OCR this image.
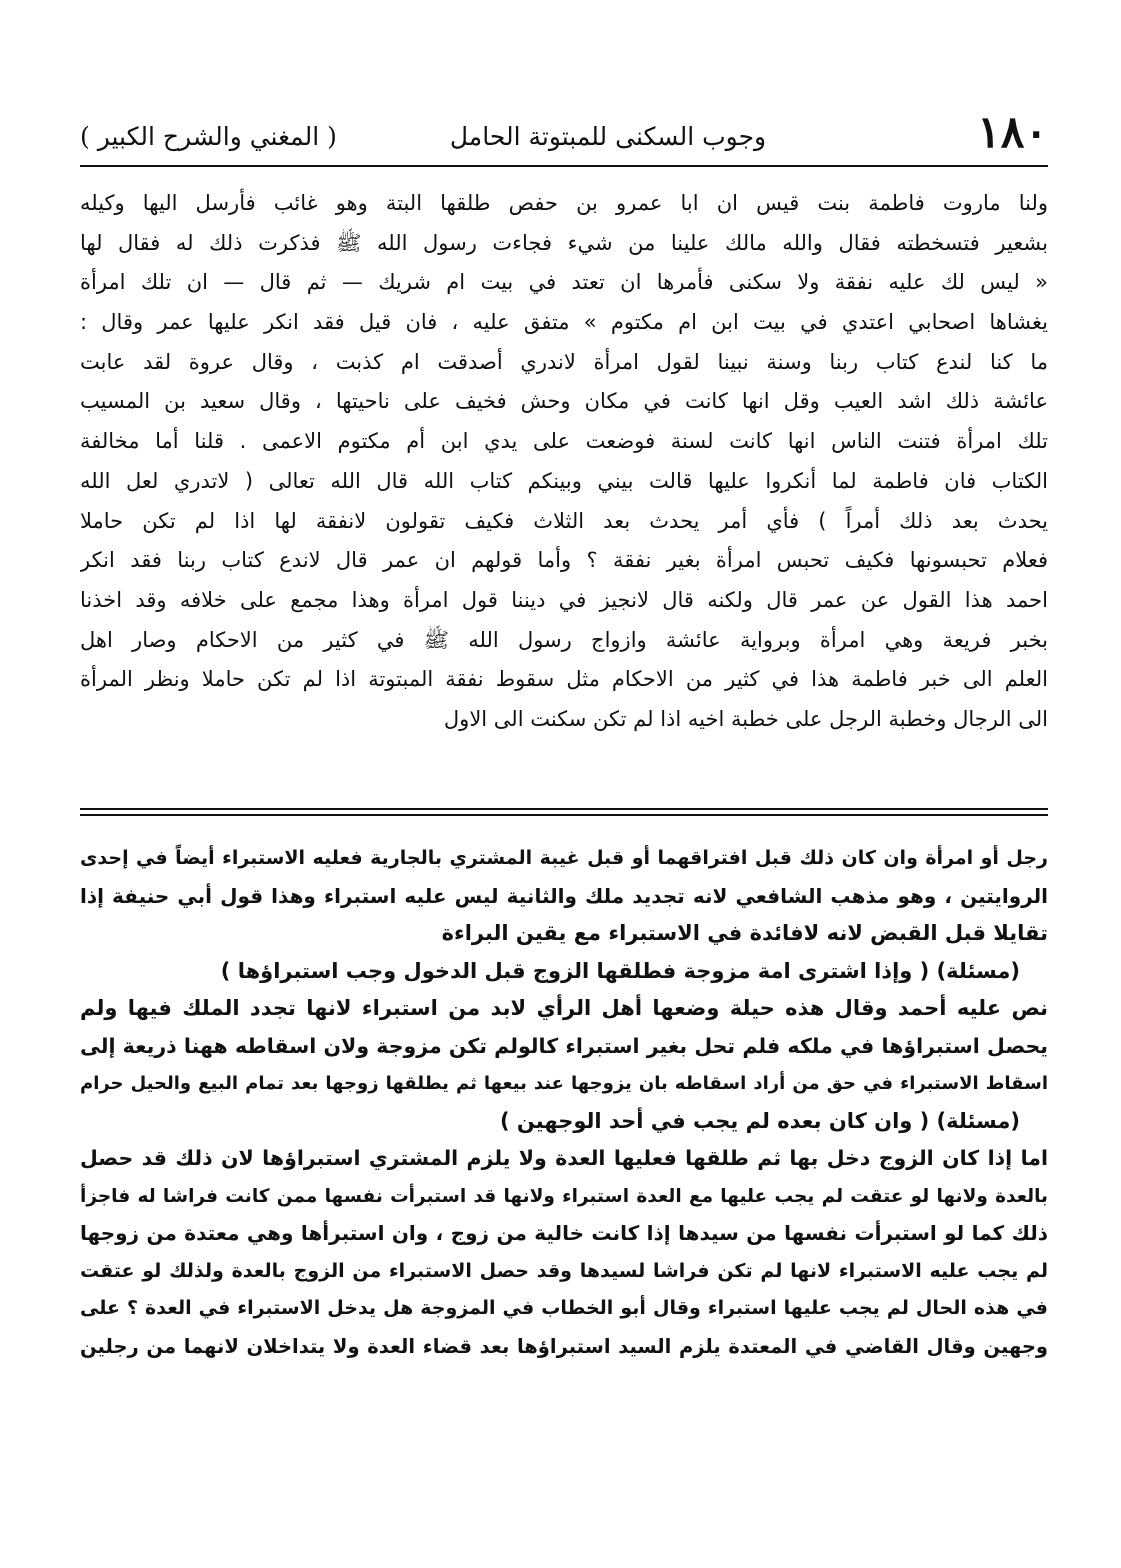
١٨٠
وجوب السكنى للمبتوتة الحامل
( المغني والشرح الكبير )
ولنا ماروت فاطمة بنت قيس ان ابا عمرو بن حفص طلقها البتة وهو غائب فأرسل اليها وكيله
بشعير فتسخطته فقال والله مالك علينا من شيء فجاءت رسول الله ﷺ فذكرت ذلك له فقال لها
« ليس لك عليه نفقة ولا سكنى فأمرها ان تعتد في بيت ام شريك — ثم قال — ان تلك امرأة
يغشاها اصحابي اعتدي في بيت ابن ام مكتوم » متفق عليه ، فان قيل فقد انكر عليها عمر وقال :
ما كنا لندع كتاب ربنا وسنة نبينا لقول امرأة لاندري أصدقت ام كذبت ، وقال عروة لقد عابت
عائشة ذلك اشد العيب وقل انها كانت في مكان وحش فخيف على ناحيتها ، وقال سعيد بن المسيب
تلك امرأة فتنت الناس انها كانت لسنة فوضعت على يدي ابن أم مكتوم الاعمى . قلنا أما مخالفة
الكتاب فان فاطمة لما أنكروا عليها قالت بيني وبينكم كتاب الله قال الله تعالى ( لاتدري لعل الله
يحدث بعد ذلك أمراً ) فأي أمر يحدث بعد الثلاث فكيف تقولون لانفقة لها اذا لم تكن حاملا
فعلام تحبسونها فكيف تحبس امرأة بغير نفقة ؟ وأما قولهم ان عمر قال لاندع كتاب ربنا فقد انكر
احمد هذا القول عن عمر قال ولكنه قال لانجيز في ديننا قول امرأة وهذا مجمع على خلافه وقد اخذنا
بخبر فريعة وهي امرأة وبرواية عائشة وازواج رسول الله ﷺ في كثير من الاحكام وصار اهل
العلم الى خبر فاطمة هذا في كثير من الاحكام مثل سقوط نفقة المبتوتة اذا لم تكن حاملا ونظر المرأة
الى الرجال وخطبة الرجل على خطبة اخيه اذا لم تكن سكنت الى الاول
رجل أو امرأة وان كان ذلك قبل افتراقهما أو قبل غيبة المشتري بالجارية فعليه الاستبراء أيضاً في إحدى
الروايتين ، وهو مذهب الشافعي لانه تجديد ملك والثانية ليس عليه استبراء وهذا قول أبي حنيفة إذا
تقايلا قبل القبض لانه لافائدة في الاستبراء مع يقين البراءة
(مسئلة) ( وإذا اشترى امة مزوجة فطلقها الزوج قبل الدخول وجب استبراؤها )
نص عليه أحمد وقال هذه حيلة وضعها أهل الرأي لابد من استبراء لانها تجدد الملك فيها ولم
يحصل استبراؤها في ملكه فلم تحل بغير استبراء كالولم تكن مزوجة ولان اسقاطه ههنا ذريعة إلى
اسقاط الاستبراء في حق من أراد اسقاطه بان يزوجها عند بيعها ثم يطلقها زوجها بعد تمام البيع والحيل حرام
(مسئلة) ( وان كان بعده لم يجب في أحد الوجهين )
اما إذا كان الزوج دخل بها ثم طلقها فعليها العدة ولا يلزم المشتري استبراؤها لان ذلك قد حصل
بالعدة ولانها لو عتقت لم يجب عليها مع العدة استبراء ولانها قد استبرأت نفسها ممن كانت فراشا له فاجزأ
ذلك كما لو استبرأت نفسها من سيدها إذا كانت خالية من زوج ، وان استبرأها وهي معتدة من زوجها
لم يجب عليه الاستبراء لانها لم تكن فراشا لسيدها وقد حصل الاستبراء من الزوج بالعدة ولذلك لو عتقت
في هذه الحال لم يجب عليها استبراء وقال أبو الخطاب في المزوجة هل يدخل الاستبراء في العدة ؟ على
وجهين وقال القاضي في المعتدة يلزم السيد استبراؤها بعد قضاء العدة ولا يتداخلان لانهما من رجلين
